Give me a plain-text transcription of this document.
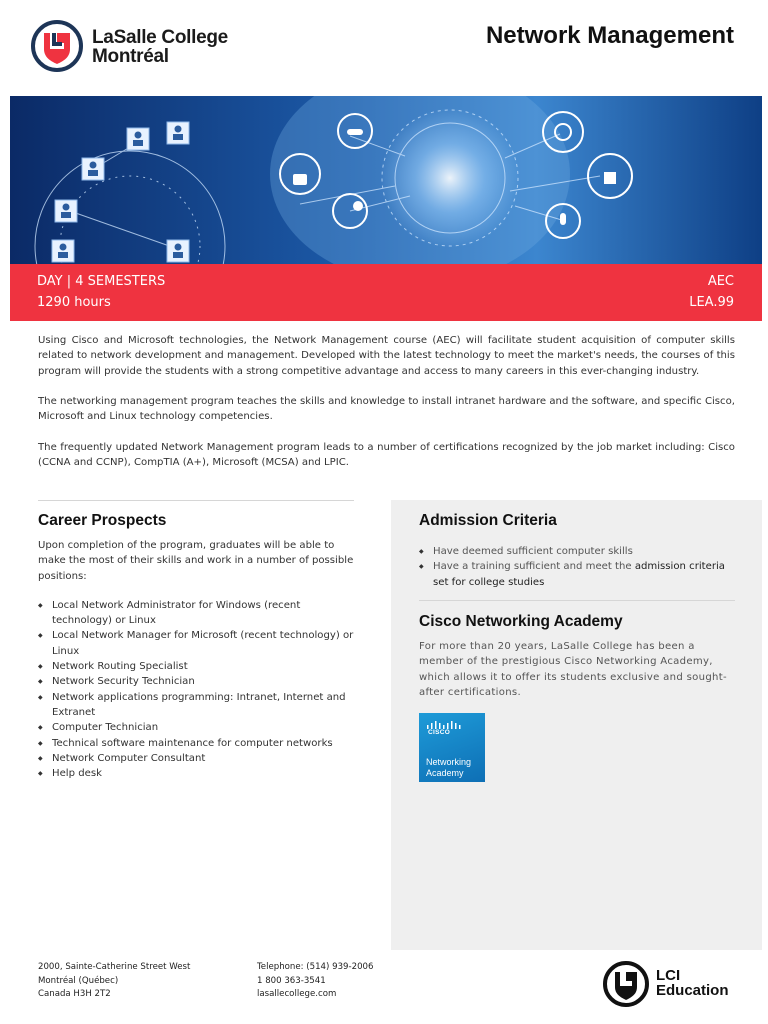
LaSalle College
Montréal
Network Management
DAY | 4 SEMESTERS
1290 hours
AEC
LEA.99

Using Cisco and Microsoft technologies, the Network Management course (AEC) will facilitate student acquisition of computer skills related to network development and management. Developed with the latest technology to meet the market's needs, the courses of this program will provide the students with a strong competitive advantage and access to many careers in this ever-changing industry.

The networking management program teaches the skills and knowledge to install intranet hardware and the software, and specific Cisco, Microsoft and Linux technology competencies.

The frequently updated Network Management program leads to a number of certifications recognized by the job market including: Cisco (CCNA and CCNP), CompTIA (A+), Microsoft (MCSA) and LPIC.

Career Prospects

Upon completion of the program, graduates will be able to make the most of their skills and work in a number of possible positions:

◆ Local Network Administrator for Windows (recent technology) or Linux
◆ Local Network Manager for Microsoft (recent technology) or Linux
◆ Network Routing Specialist
◆ Network Security Technician
◆ Network applications programming: Intranet, Internet and Extranet
◆ Computer Technician
◆ Technical software maintenance for computer networks
◆ Network Computer Consultant
◆ Help desk
Admission Criteria
◆ Have deemed sufficient computer skills
◆ Have a training sufficient and meet the admission criteria set for college studies
Cisco Networking Academy

For more than 20 years, LaSalle College has been a member of the prestigious Cisco Networking Academy, which allows it to offer its students exclusive and sought-after certifications.

CISCO
Networking
Academy
2000, Sainte-Catherine Street West
Montréal (Québec)
Canada H3H 2T2
Telephone: (514) 939-2006
1 800 363-3541
lasallecollege.com
LCI
Education
